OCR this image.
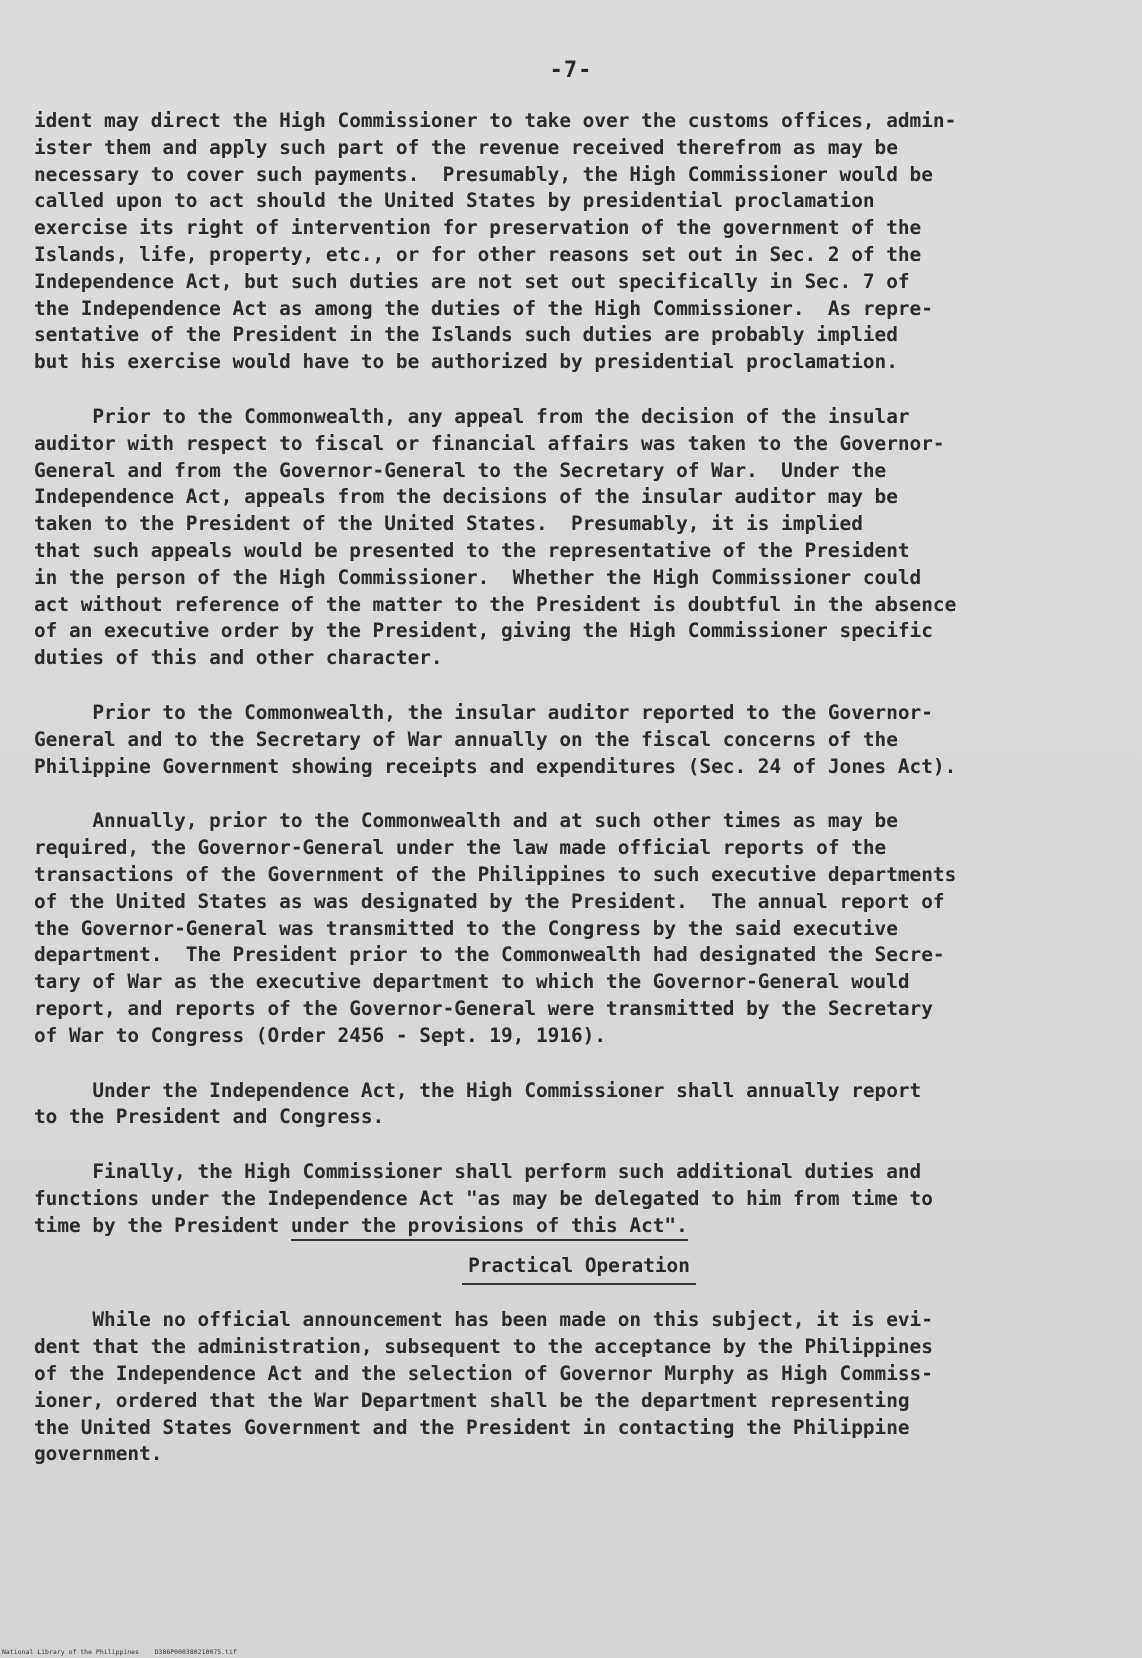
-7-
ident may direct the High Commissioner to take over the customs offices, admin-
ister them and apply such part of the revenue received therefrom as may be
necessary to cover such payments.  Presumably, the High Commissioner would be
called upon to act should the United States by presidential proclamation
exercise its right of intervention for preservation of the government of the
Islands, life, property, etc., or for other reasons set out in Sec. 2 of the
Independence Act, but such duties are not set out specifically in Sec. 7 of
the Independence Act as among the duties of the High Commissioner.  As repre-
sentative of the President in the Islands such duties are probably implied
but his exercise would have to be authorized by presidential proclamation.
Prior to the Commonwealth, any appeal from the decision of the insular
auditor with respect to fiscal or financial affairs was taken to the Governor-
General and from the Governor-General to the Secretary of War.  Under the
Independence Act, appeals from the decisions of the insular auditor may be
taken to the President of the United States.  Presumably, it is implied
that such appeals would be presented to the representative of the President
in the person of the High Commissioner.  Whether the High Commissioner could
act without reference of the matter to the President is doubtful in the absence
of an executive order by the President, giving the High Commissioner specific
duties of this and other character.
Prior to the Commonwealth, the insular auditor reported to the Governor-
General and to the Secretary of War annually on the fiscal concerns of the
Philippine Government showing receipts and expenditures (Sec. 24 of Jones Act).
Annually, prior to the Commonwealth and at such other times as may be
required, the Governor-General under the law made official reports of the
transactions of the Government of the Philippines to such executive departments
of the United States as was designated by the President.  The annual report of
the Governor-General was transmitted to the Congress by the said executive
department.  The President prior to the Commonwealth had designated the Secre-
tary of War as the executive department to which the Governor-General would
report, and reports of the Governor-General were transmitted by the Secretary
of War to Congress (Order 2456 - Sept. 19, 1916).
Under the Independence Act, the High Commissioner shall annually report
to the President and Congress.
Finally, the High Commissioner shall perform such additional duties and
functions under the Independence Act "as may be delegated to him from time to
time by the President under the provisions of this Act".
Practical Operation
While no official announcement has been made on this subject, it is evi-
dent that the administration, subsequent to the acceptance by the Philippines
of the Independence Act and the selection of Governor Murphy as High Commiss-
ioner, ordered that the War Department shall be the department representing
the United States Government and the President in contacting the Philippine
government.
National Library of the Philippines    D386P000380210075.tif
